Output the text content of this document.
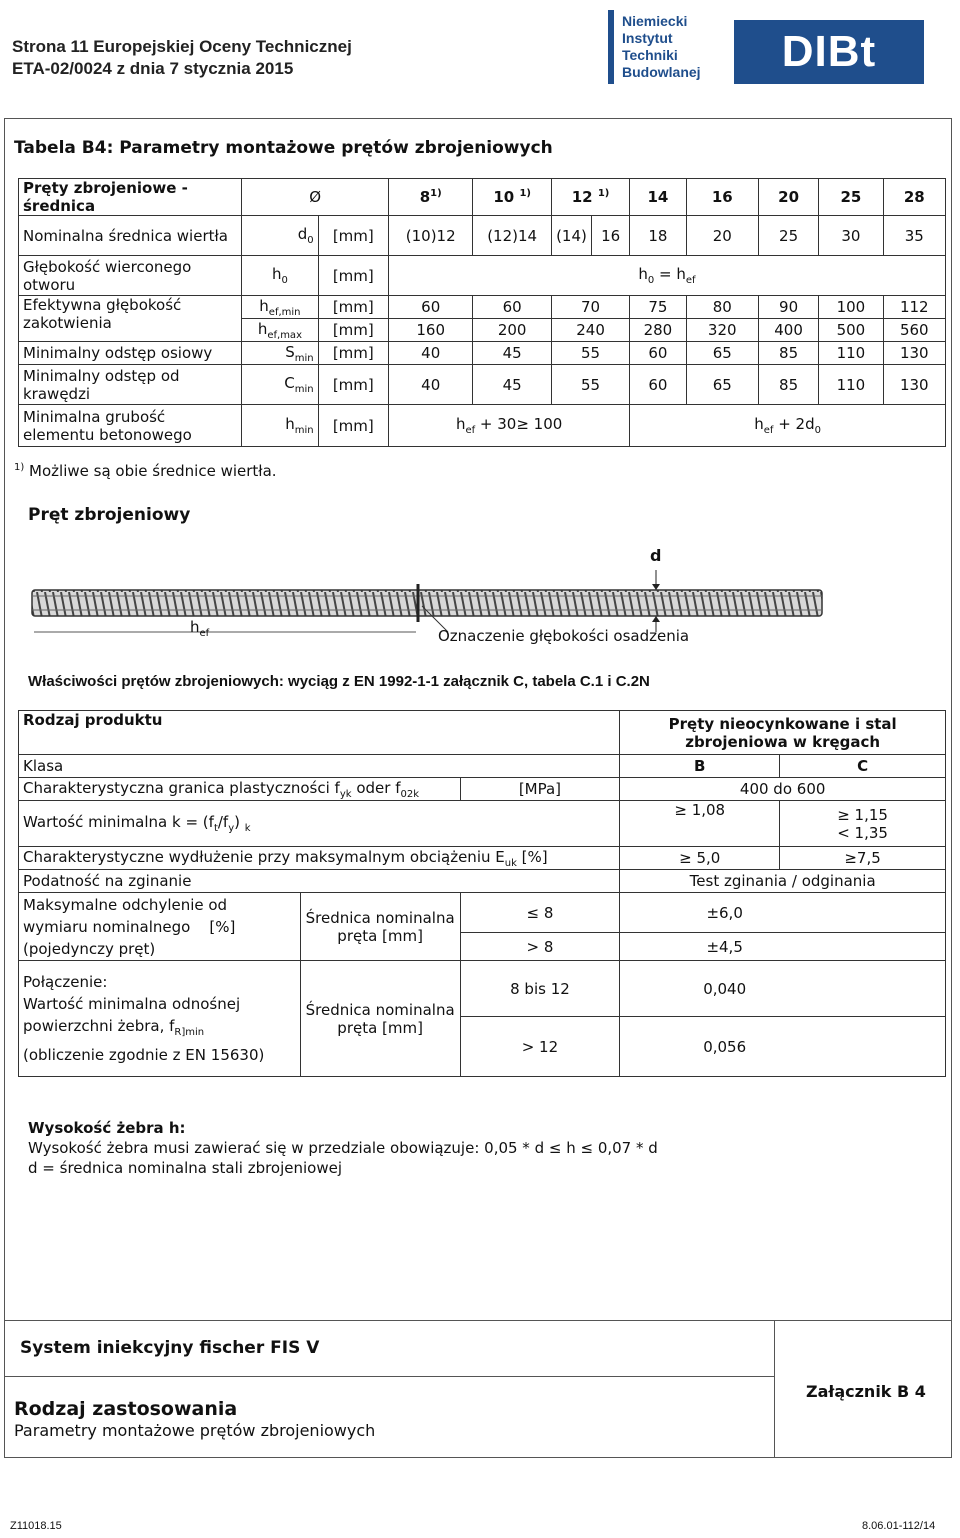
Strona 11 Europejskiej Oceny Technicznej
ETA-02/0024 z dnia 7 stycznia 2015
Niemiecki
Instytut
Techniki
Budowlanej	DIBt
Tabela B4: Parametry montażowe prętów zbrojeniowych
Pręty zbrojeniowe - średnica	Ø		8$^{1)}$	10 $^{1)}$	12 $^{1)}$		14	16	20	25	28
Nominalna średnica wiertła	$d_0$	[mm]	(10)12	(12)14	(14)	16	18	20	25	30	35
Głębokość wierconego otworu	$h_0$	[mm]	$h_0 = h_{ef}$
Efektywna głębokość zakotwienia	$h_{ef,min}$	[mm]	60	60	70		75	80	90	100	112
	$h_{ef,max}$	[mm]	160	200	240		280	320	400	500	560
Minimalny odstęp osiowy	$S_{min}$	[mm]	40	45	55		60	65	85	110	130
Minimalny odstęp od krawędzi	$C_{min}$	[mm]	40	45	55		60	65	85	110	130
Minimalna grubość elementu betonowego	$h_{min}$	[mm]	$h_{ef} + 30\ge 100$				$h_{ef} + 2d_0$
$^{1)}$ Możliwe są obie średnice wiertła.
Pręt zbrojeniowy
d
$h_{ef}$	Oznaczenie głębokości osadzenia
Właściwości prętów zbrojeniowych: wyciąg z EN 1992-1-1 załącznik C, tabela C.1 i C.2N
Rodzaj produktu			Pręty nieocynkowane i stal zbrojeniowa w kręgach	
Klasa			B	C
Charakterystyczna granica plastyczności $f_{yk}$ oder $f_{02k}$		[MPa]	400 do 600	
Wartość minimalna $k = (f_t/f_y)$ $_k$			≥ 1,08	≥ 1,15
< 1,35

Charakterystyczne wydłużenie przy maksymalnym obciążeniu $E_{uk}$ [%]			≥ 5,0	≥7,5
Podatność na zginanie			Test zginania / odginania	

Maksymalne odchylenie od
wymiaru nominalnego [%]
(pojedynczy pręt)	Średnica nominalna pręta [mm]	≤ 8	±6,0	
		> 8	±4,5	

Połączenie:
Wartość minimalna odnośnej powierzchni żebra, $f_{R]min}$
(obliczenie zgodnie z EN 15630)	Średnica nominalna pręta [mm]	8 bis 12	0,040	
		> 12	0,056	
Wysokość żebra h:
Wysokość żebra musi zawierać się w przedziale obowiązuje: 0,05 * d ≤ h ≤ 0,07 * d
d = średnica nominalna stali zbrojeniowej
System iniekcyjny fischer FIS V
Rodzaj zastosowania
Parametry montażowe prętów zbrojeniowych
Załącznik B 4
Z11018.15	8.06.01-112/14
